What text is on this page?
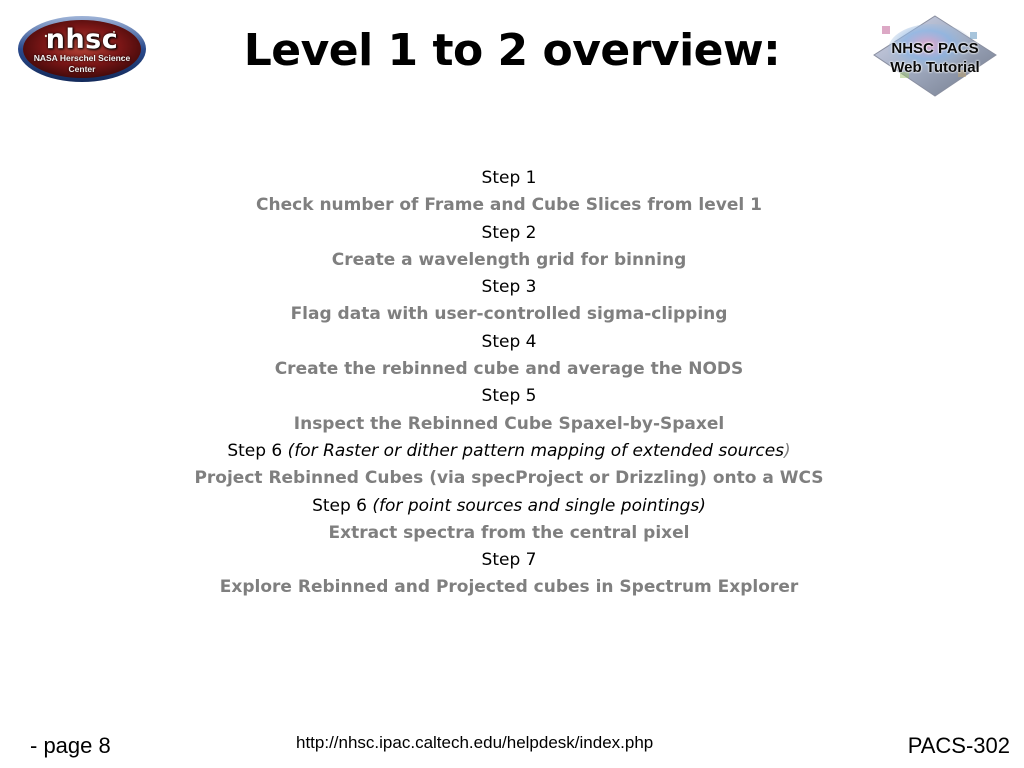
nhsc
NASA Herschel Science
Center	Level 1 to 2 overview:	NHSC PACS
Web Tutorial
Step 1
Check number of Frame and Cube Slices from level 1
Step 2
Create a wavelength grid for binning
Step 3
Flag data with user-controlled sigma-clipping
Step 4
Create the rebinned cube and average the NODS
Step 5
Inspect the Rebinned Cube Spaxel-by-Spaxel
Step 6 (for Raster or dither pattern mapping of extended sources)
Project Rebinned Cubes (via specProject or Drizzling) onto a WCS
Step 6 (for point sources and single pointings)
Extract spectra from the central pixel
Step 7
Explore Rebinned and Projected cubes in Spectrum Explorer
- page 8	http://nhsc.ipac.caltech.edu/helpdesk/index.php	PACS-302
